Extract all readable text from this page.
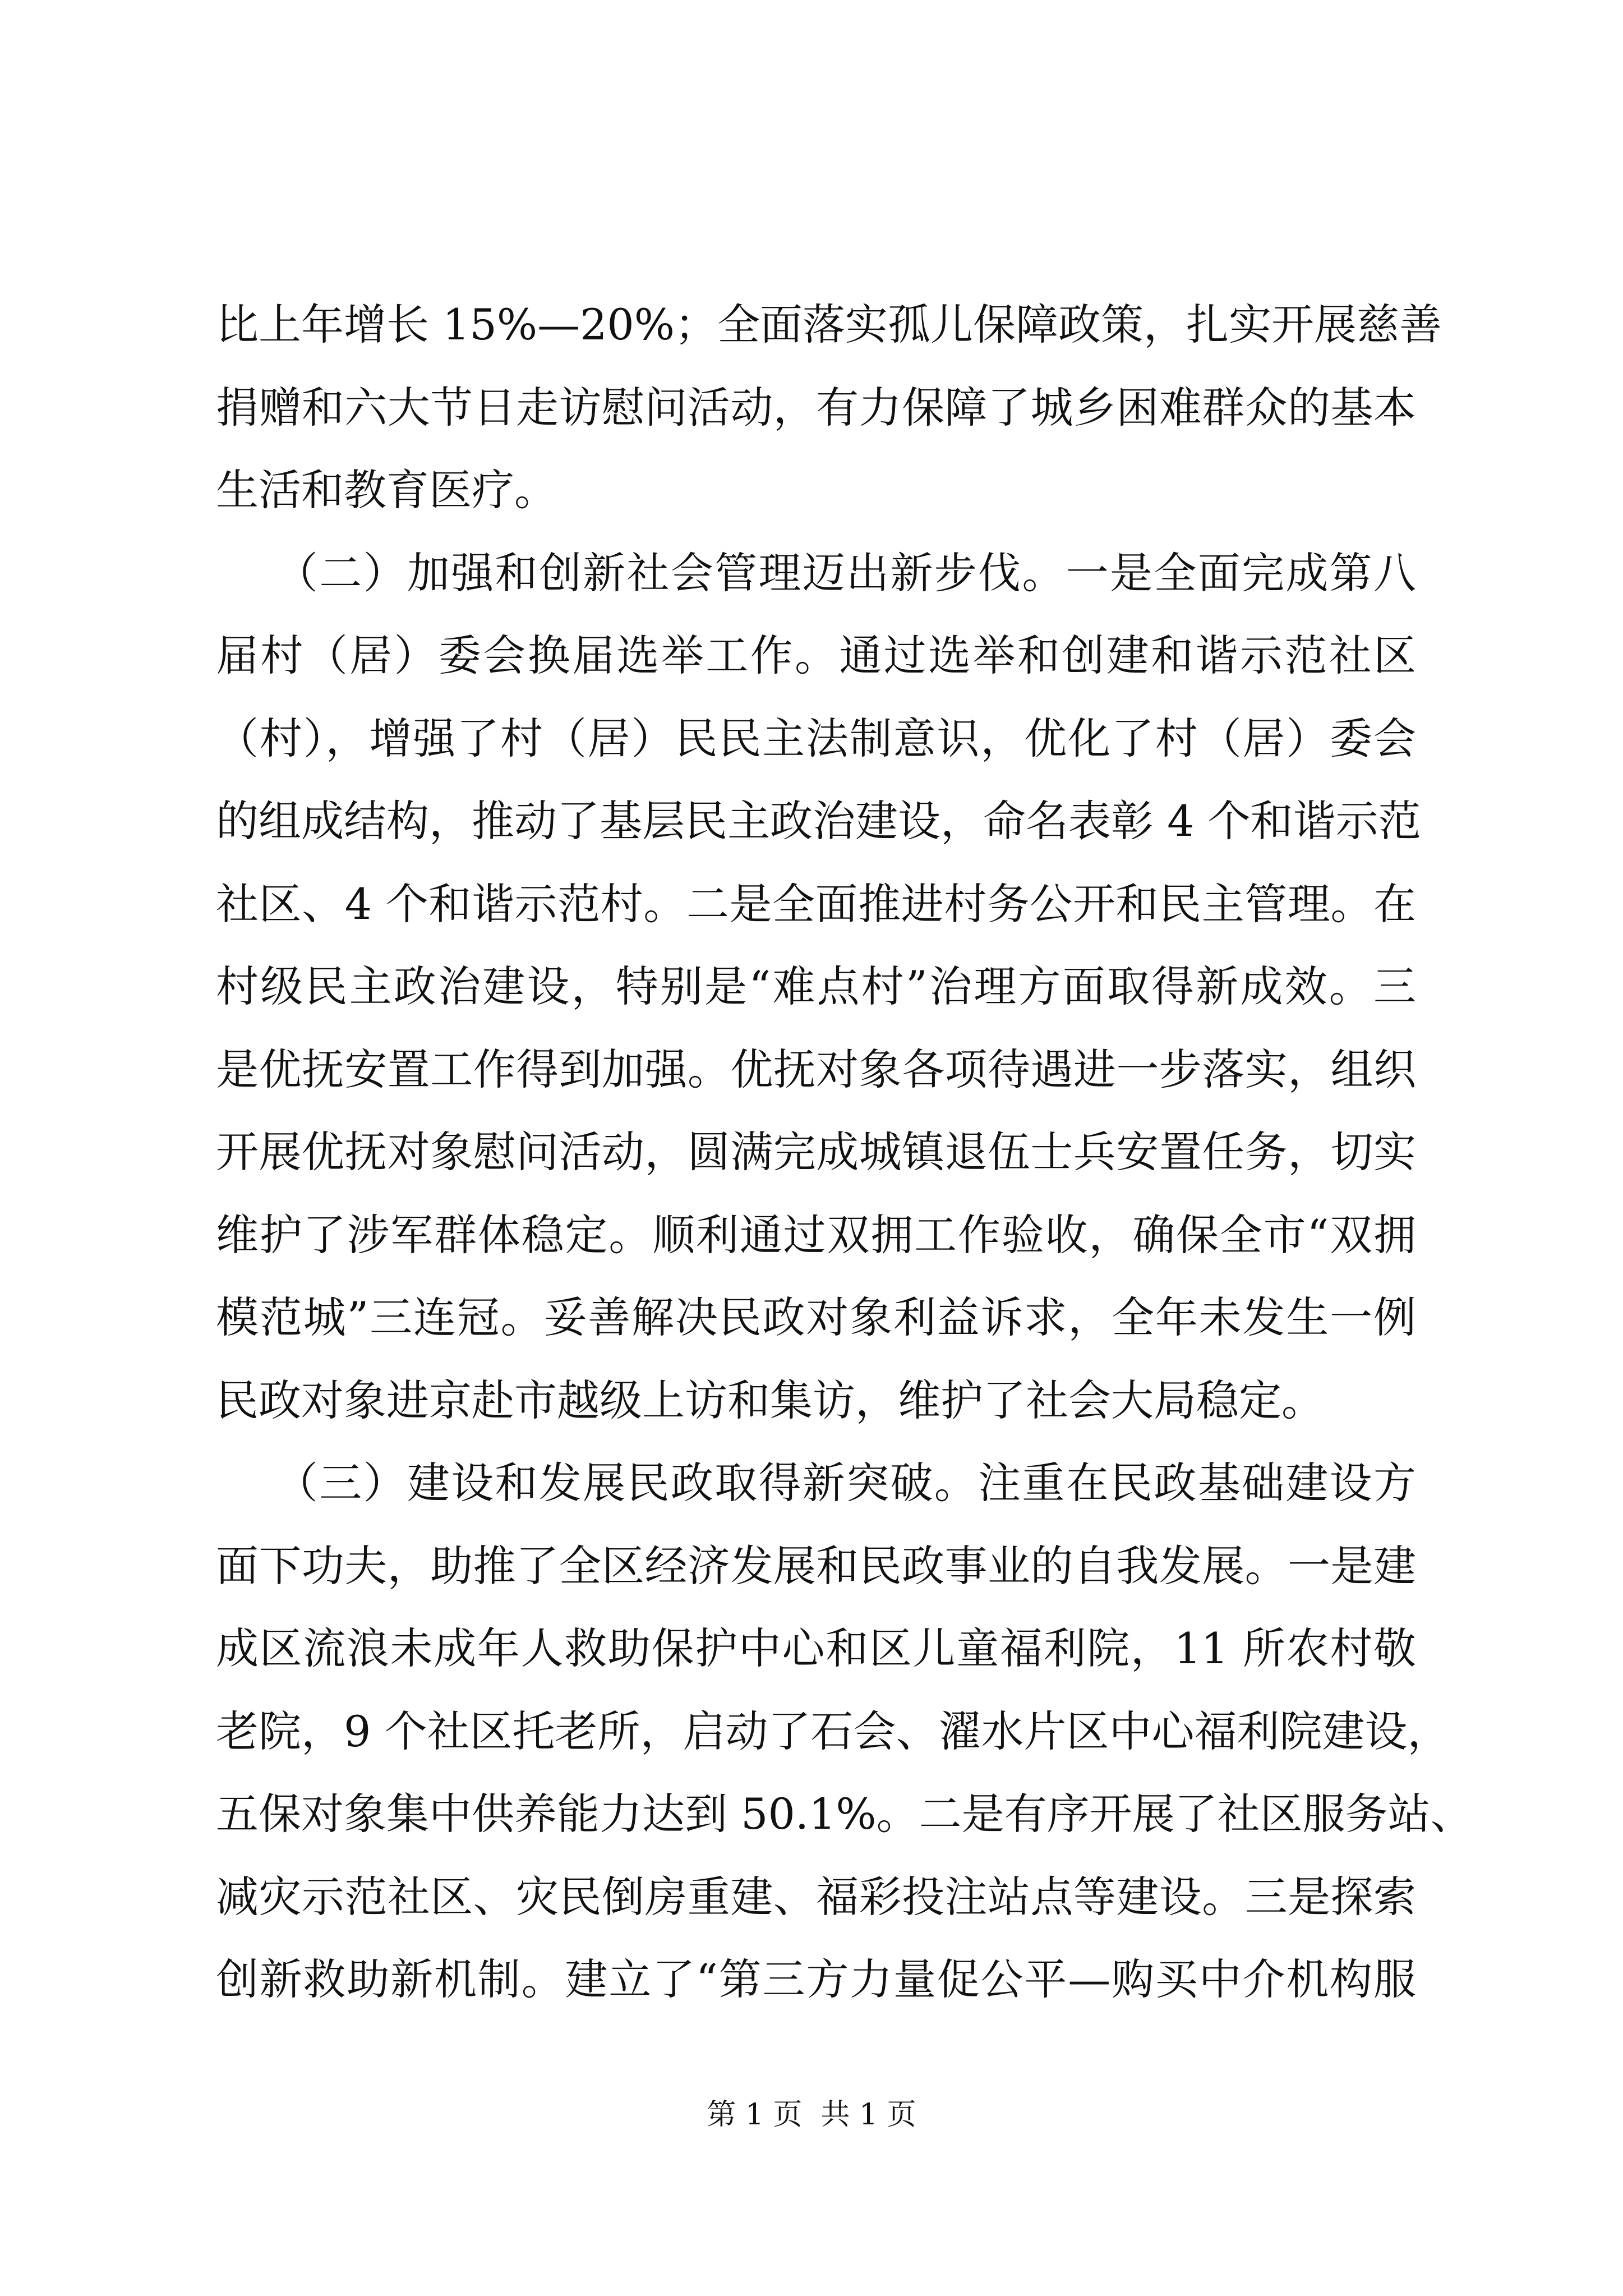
比上年增长 15%—20%；全面落实孤儿保障政策，扎实开展慈善
捐赠和六大节日走访慰问活动，有力保障了城乡困难群众的基本
生活和教育医疗。
（二）加强和创新社会管理迈出新步伐。一是全面完成第八
届村（居）委会换届选举工作。通过选举和创建和谐示范社区
（村），增强了村（居）民民主法制意识，优化了村（居）委会
的组成结构，推动了基层民主政治建设，命名表彰 4 个和谐示范
社区、4 个和谐示范村。二是全面推进村务公开和民主管理。在
村级民主政治建设，特别是“难点村”治理方面取得新成效。三
是优抚安置工作得到加强。优抚对象各项待遇进一步落实，组织
开展优抚对象慰问活动，圆满完成城镇退伍士兵安置任务，切实
维护了涉军群体稳定。顺利通过双拥工作验收，确保全市“双拥
模范城”三连冠。妥善解决民政对象利益诉求，全年未发生一例
民政对象进京赴市越级上访和集访，维护了社会大局稳定。
（三）建设和发展民政取得新突破。注重在民政基础建设方
面下功夫，助推了全区经济发展和民政事业的自我发展。一是建
成区流浪未成年人救助保护中心和区儿童福利院，11 所农村敬
老院，9 个社区托老所，启动了石会、濯水片区中心福利院建设，
五保对象集中供养能力达到 50.1%。二是有序开展了社区服务站、
减灾示范社区、灾民倒房重建、福彩投注站点等建设。三是探索
创新救助新机制。建立了“第三方力量促公平—购买中介机构服
第 1 页  共 1 页
